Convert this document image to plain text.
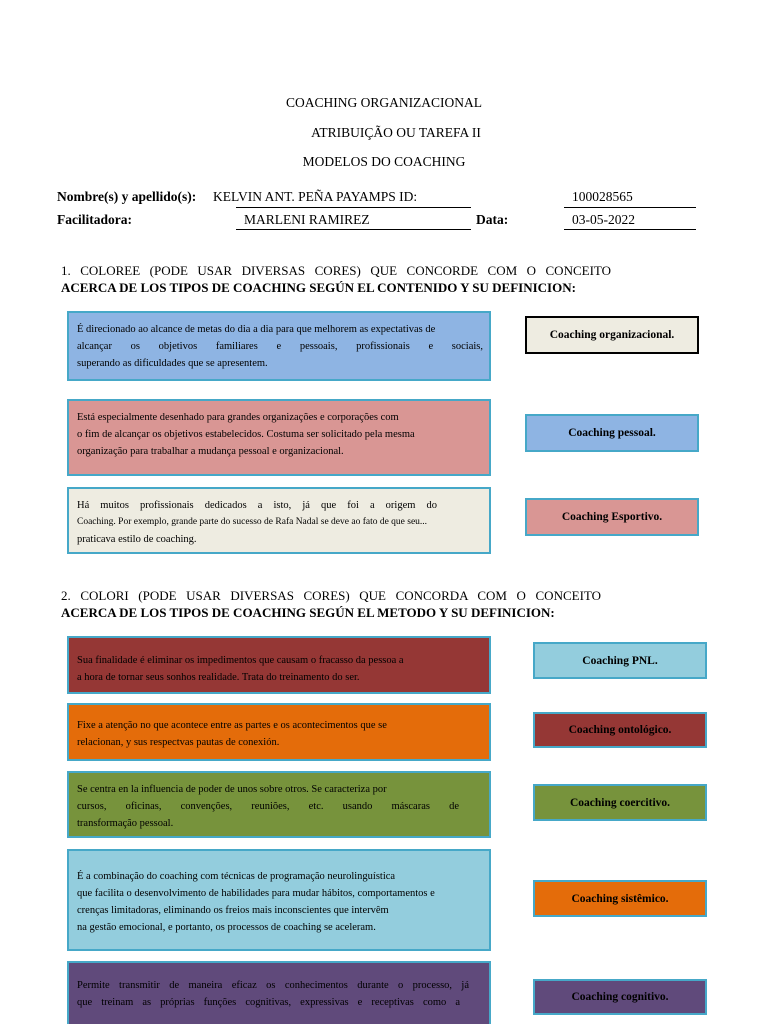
COACHING ORGANIZACIONAL
ATRIBUIÇÃO OU TAREFA II
MODELOS DO COACHING
Nombre(s) y apellido(s): KELVIN ANT. PEÑA PAYAMPS ID:	100028565
Facilitadora:	MARLENI RAMIREZ	Data:	03-05-2022
1. COLOREE (PODE USAR DIVERSAS CORES) QUE CONCORDE COM O CONCEITO
ACERCA DE LOS TIPOS DE COACHING SEGÚN EL CONTENIDO Y SU DEFINICION:
É direcionado ao alcance de metas do dia a dia para que melhorem as expectativas de
alcançar os objetivos familiares e pessoais, profissionais e sociais,
superando as dificuldades que se apresentem.
Está especialmente desenhado para grandes organizações e corporações com
o fim de alcançar os objetivos estabelecidos. Costuma ser solicitado pela mesma
organização para trabalhar a mudança pessoal e organizacional.
Há muitos profissionais dedicados a isto, já que foi a origem do
Coaching. Por exemplo, grande parte do sucesso de Rafa Nadal se deve ao fato de que seu...
praticava estilo de coaching.
Coaching organizacional.
Coaching pessoal.
Coaching Esportivo.
2. COLORI (PODE USAR DIVERSAS CORES) QUE CONCORDA COM O CONCEITO
ACERCA DE LOS TIPOS DE COACHING SEGÚN EL METODO Y SU DEFINICION:
Sua finalidade é eliminar os impedimentos que causam o fracasso da pessoa a
a hora de tornar seus sonhos realidade. Trata do treinamento do ser.
Fixe a atenção no que acontece entre as partes e os acontecimentos que se
relacionan, y sus respectvas pautas de conexión.
Se centra en la influencia de poder de unos sobre otros. Se caracteriza por
cursos, oficinas, convenções, reuniões, etc. usando máscaras de
transformação pessoal.
É a combinação do coaching com técnicas de programação neurolinguística
que facilita o desenvolvimento de habilidades para mudar hábitos, comportamentos e
crenças limitadoras, eliminando os freios mais inconscientes que intervêm
na gestão emocional, e portanto, os processos de coaching se aceleram.
Permite transmitir de maneira eficaz os conhecimentos durante o processo, já
que treinam as próprias funções cognitivas, expressivas e receptivas como a
Coaching PNL.
Coaching ontológico.
Coaching coercitivo.
Coaching sistêmico.
Coaching cognitivo.
